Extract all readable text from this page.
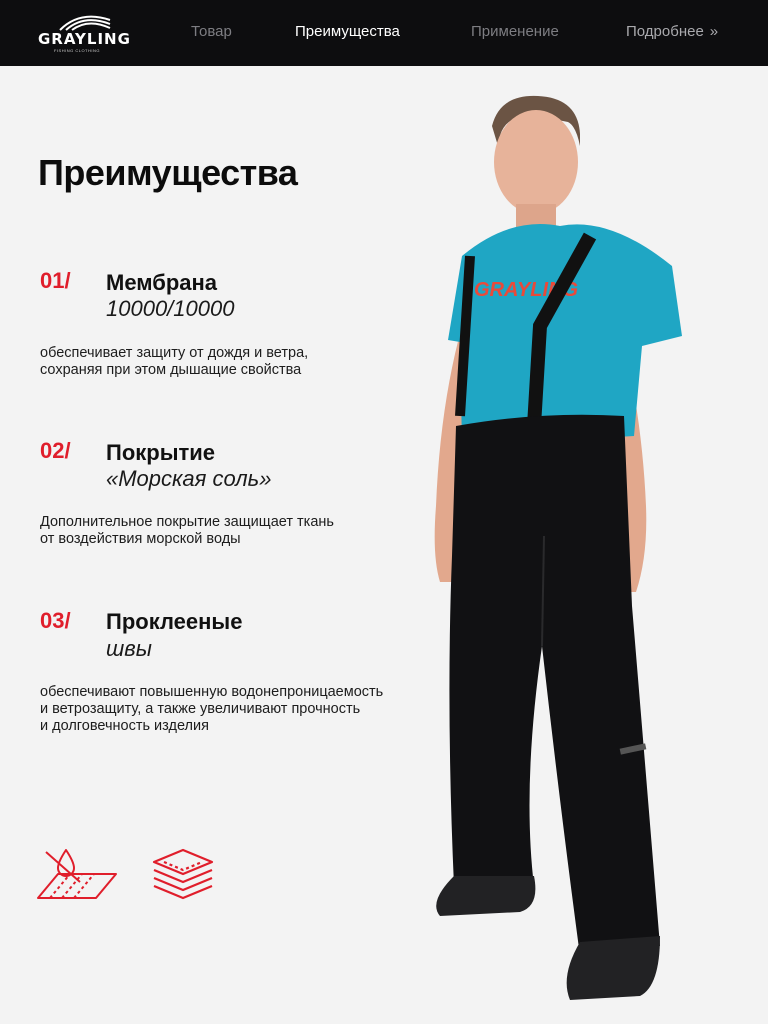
GRAYLING
FISHING CLOTHING
Товар	Преимущества	Применение	Подробнее »
Преимущества
01/ Мембрана
10000/10000
обеспечивает защиту от дождя и ветра,
сохраняя при этом дышащие свойства
02/ Покрытие
«Морская соль»
Дополнительное покрытие защищает ткань
от воздействия морской воды
03/ Проклееные
швы
обеспечивают повышенную водонепроницаемость
и ветрозащиту, а также увеличивают прочность
и долговечность изделия
GRAYLING
